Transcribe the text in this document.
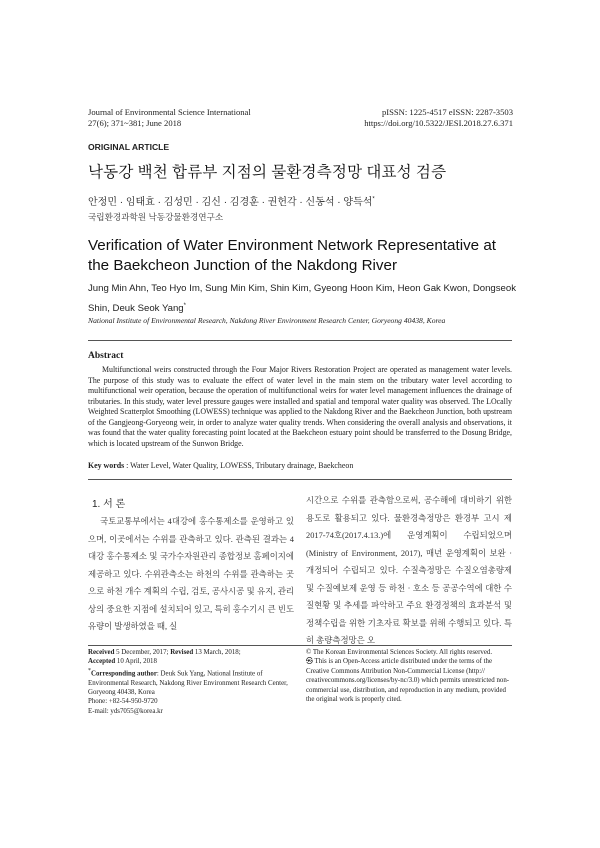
Journal of Environmental Science International
27(6); 371~381; June 2018
pISSN: 1225-4517 eISSN: 2287-3503
https://doi.org/10.5322/JESI.2018.27.6.371
ORIGINAL ARTICLE
낙동강 백천 합류부 지점의 물환경측정망 대표성 검증
안정민 · 임태효 · 김성민 · 김신 · 김경훈 · 권헌각 · 신동석 · 양득석*
국립환경과학원 낙동강물환경연구소
Verification of Water Environment Network Representative at the Baekcheon Junction of the Nakdong River
Jung Min Ahn, Teo Hyo Im, Sung Min Kim, Shin Kim, Gyeong Hoon Kim, Heon Gak Kwon, Dongseok Shin, Deuk Seok Yang*
National Institute of Environmental Research, Nakdong River Environment Research Center, Goryeong 40438, Korea
Abstract

Multifunctional weirs constructed through the Four Major Rivers Restoration Project are operated as management water levels. The purpose of this study was to evaluate the effect of water level in the main stem on the tributary water level according to multifunctional weir operation, because the operation of multifunctional weirs for water level management influences the drainage of tributaries. In this study, water level pressure gauges were installed and spatial and temporal water quality was observed. The LOcally Weighted Scatterplot Smoothing (LOWESS) technique was applied to the Nakdong River and the Baekcheon Junction, both upstream of the Gangjeong-Goryeong weir, in order to analyze water quality trends. When considering the overall analysis and observations, it was found that the water quality forecasting point located at the Baekcheon estuary point should be transferred to the Dosung Bridge, which is located upstream of the Sunwon Bridge.

Key words : Water Level, Water Quality, LOWESS, Tributary drainage, Baekcheon
1. 서 론

국토교통부에서는 4대강에 홍수통제소를 운영하고 있으며, 이곳에서는 수위를 관측하고 있다. 관측된 결과는 4대강 홍수통제소 및 국가수자원관리 종합정보 홈페이지에 제공하고 있다. 수위관측소는 하천의 수위를 관측하는 곳으로 하천 개수 계획의 수립, 검토, 공사시공 및 유지, 관리상의 중요한 지점에 설치되어 있고, 특히 홍수기시 큰 빈도유량이 발생하였을 때, 실

시간으로 수위를 관측함으로써, 공수해에 대비하기 위한 용도로 활용되고 있다. 물환경측정망은 환경부 고시 제2017-74호(2017.4.13.)에 운영계획이 수립되었으며(Ministry of Environment, 2017), 매년 운영계획이 보완 · 개정되어 수립되고 있다. 수질측정망은 수질오염총량제 및 수질예보제 운영 등 하천 · 호소 등 공공수역에 대한 수질현황 및 추세를 파악하고 주요 환경정책의 효과분석 및 정책수립을 위한 기초자료 확보를 위해 수행되고 있다. 특히 총량측정망은 오

Received 5 December, 2017; Revised 13 March, 2018;
Accepted 10 April, 2018
*Corresponding author: Deuk Suk Yang, National Institute of Environmental Research, Nakdong River Environment Research Center, Goryeong 40438, Korea
Phone: +82-54-950-9720
E-mail: yds7055@korea.kr
© The Korean Environmental Sciences Society. All rights reserved.
㉿ This is an Open-Access article distributed under the terms of the Creative Commons Attribution Non-Commercial License (http:// creativecommons.org/licenses/by-nc/3.0) which permits unrestricted non-commercial use, distribution, and reproduction in any medium, provided the original work is properly cited.
